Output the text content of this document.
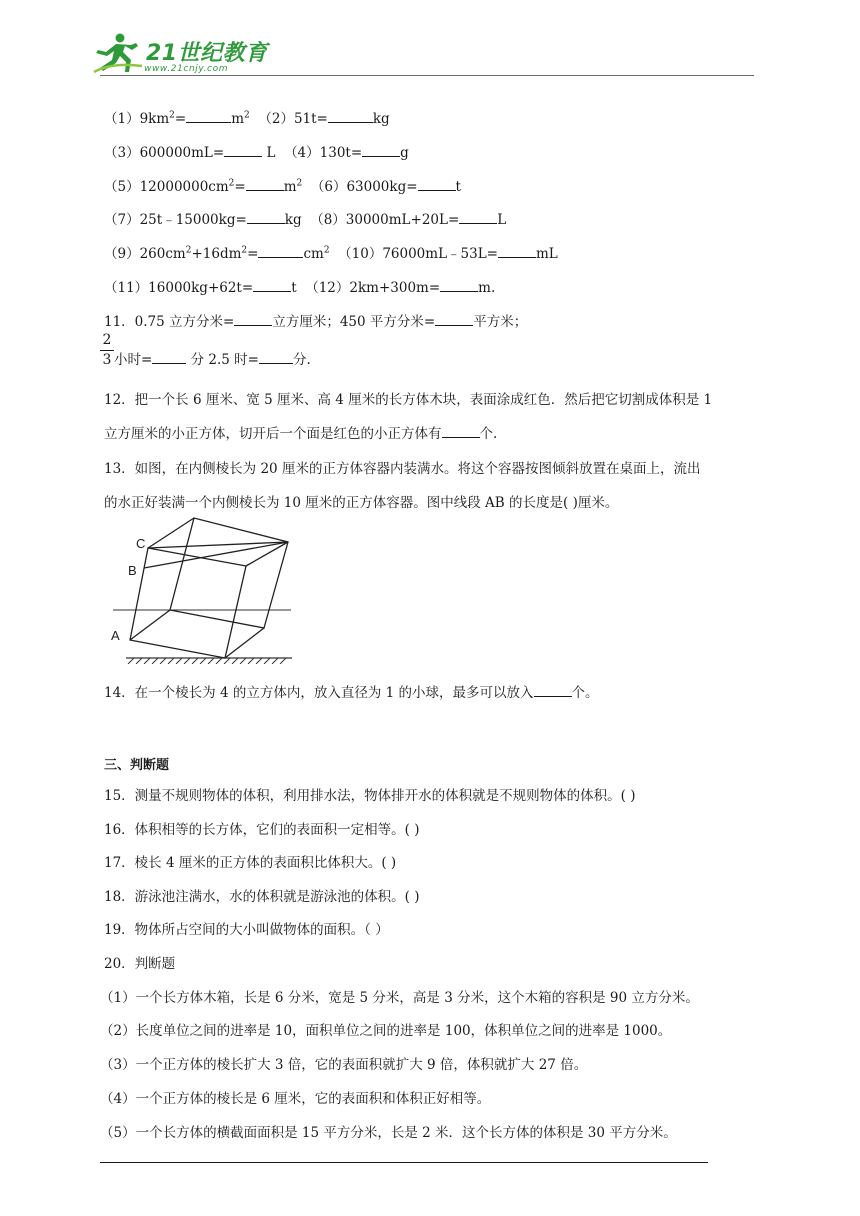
21世纪教育
www.21cnjy.com
$(1)9km^2=$	$m^2$ （2）51t=	kg
（3）600000mL=	L （4）130t=	g
$(5)12000000cm^2=$	$m^2$ （6）63000kg=	t
（7）25t﹣15000kg=	kg （8）30000mL+20L=	L
$(9)260cm^2+16dm^2=$	$cm^2$ （10）76000mL﹣53L=	mL
（11）16000kg+62t=	t （12）2km+300m=	m.
11．0.75 立方分米=	立方厘米；450 平方分米=	平方米；
2
3 小时=	分 2.5 时=	分.
12．把一个长 6 厘米、宽 5 厘米、高 4 厘米的长方体木块，表面涂成红色．然后把它切割成体积是 1
立方厘米的小正方体，切开后一个面是红色的小正方体有	个.
13．如图，在内侧棱长为 20 厘米的正方体容器内装满水。将这个容器按图倾斜放置在桌面上，流出
的水正好装满一个内侧棱长为 10 厘米的正方体容器。图中线段 AB 的长度是( )厘米。
C
B
A
14．在一个棱长为 4 的立方体内，放入直径为 1 的小球，最多可以放入	个。
三、判断题
15．测量不规则物体的体积，利用排水法，物体排开水的体积就是不规则物体的体积。( )
16．体积相等的长方体，它们的表面积一定相等。( )
17．棱长 4 厘米的正方体的表面积比体积大。( )
18．游泳池注满水，水的体积就是游泳池的体积。( )
19．物体所占空间的大小叫做物体的面积。（ ）
20．判断题
（1）一个长方体木箱，长是 6 分米，宽是 5 分米，高是 3 分米，这个木箱的容积是 90 立方分米。
（2）长度单位之间的进率是 10，面积单位之间的进率是 100，体积单位之间的进率是 1000。
（3）一个正方体的棱长扩大 3 倍，它的表面积就扩大 9 倍，体积就扩大 27 倍。
（4）一个正方体的棱长是 6 厘米，它的表面积和体积正好相等。
（5）一个长方体的横截面面积是 15 平方分米，长是 2 米．这个长方体的体积是 30 平方分米。
